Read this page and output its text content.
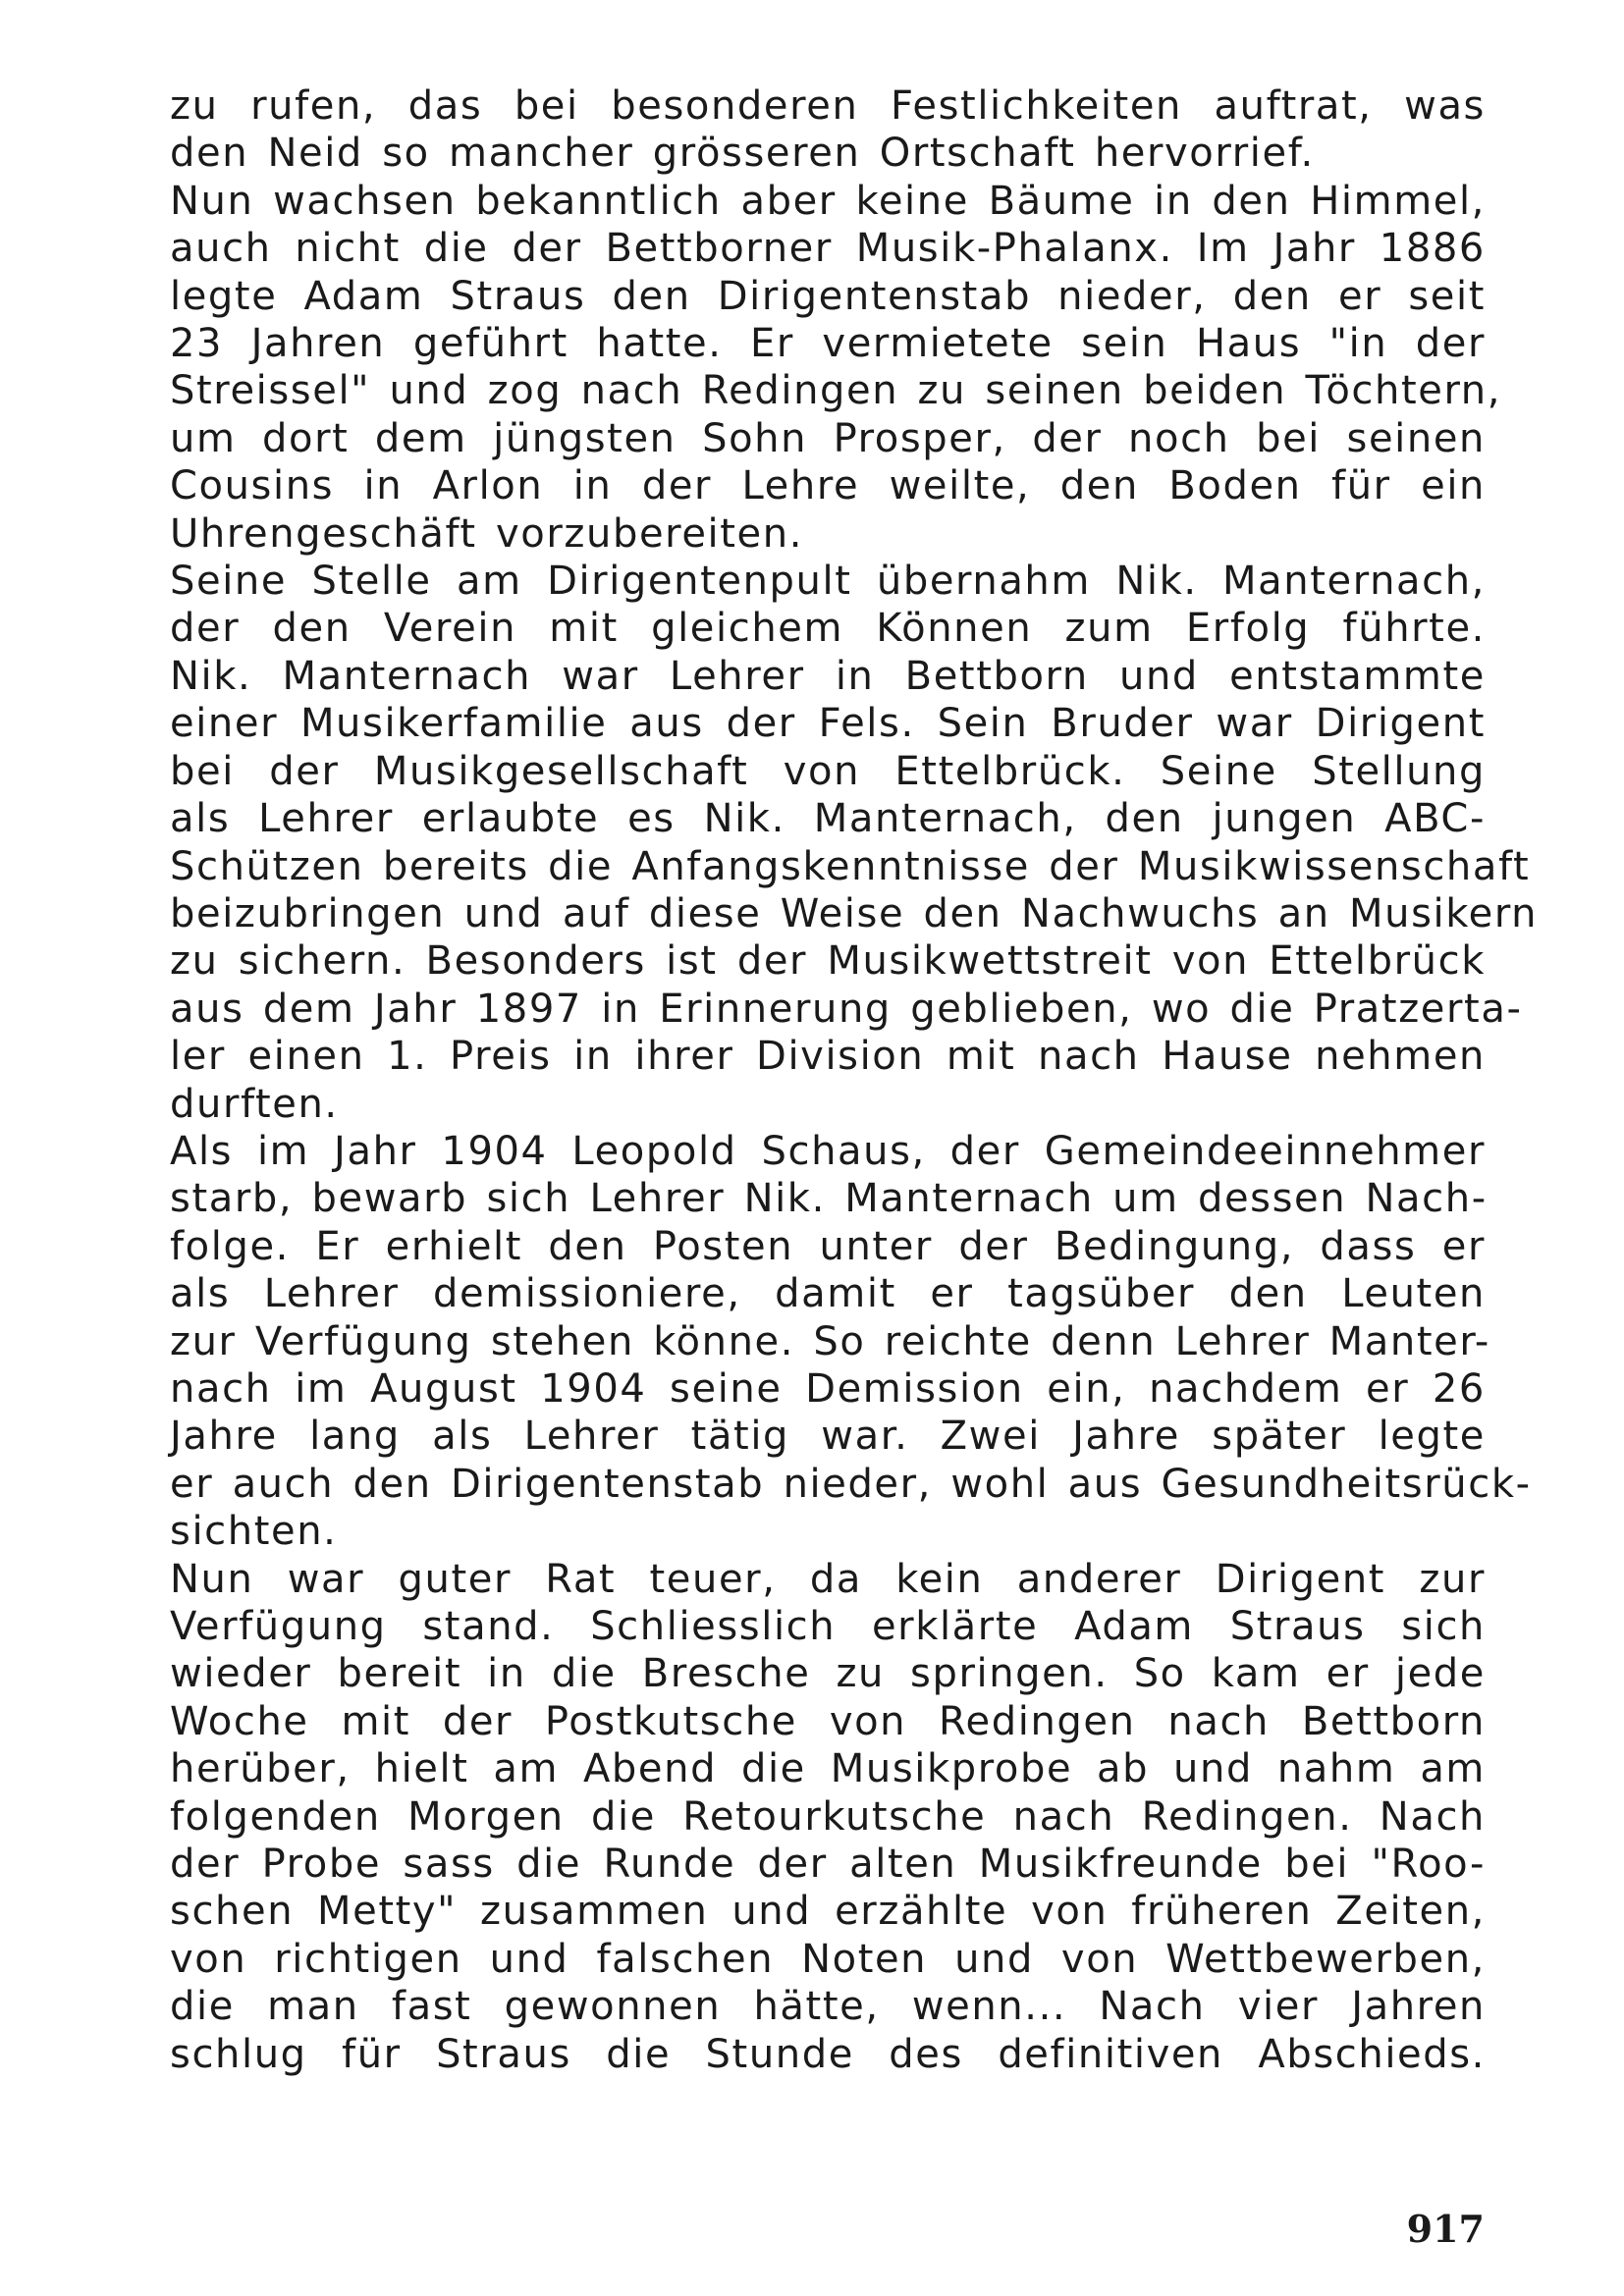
zu rufen, das bei besonderen Festlichkeiten auftrat, was
den Neid so mancher grösseren Ortschaft hervorrief.
Nun wachsen bekanntlich aber keine Bäume in den Himmel,
auch nicht die der Bettborner Musik-Phalanx. Im Jahr 1886
legte Adam Straus den Dirigentenstab nieder, den er seit
23 Jahren geführt hatte. Er vermietete sein Haus "in der
Streissel" und zog nach Redingen zu seinen beiden Töchtern,
um dort dem jüngsten Sohn Prosper, der noch bei seinen
Cousins in Arlon in der Lehre weilte, den Boden für ein
Uhrengeschäft vorzubereiten.
Seine Stelle am Dirigentenpult übernahm Nik. Manternach,
der den Verein mit gleichem Können zum Erfolg führte.
Nik. Manternach war Lehrer in Bettborn und entstammte
einer Musikerfamilie aus der Fels. Sein Bruder war Dirigent
bei der Musikgesellschaft von Ettelbrück. Seine Stellung
als Lehrer erlaubte es Nik. Manternach, den jungen ABC-
Schützen bereits die Anfangskenntnisse der Musikwissenschaft
beizubringen und auf diese Weise den Nachwuchs an Musikern
zu sichern. Besonders ist der Musikwettstreit von Ettelbrück
aus dem Jahr 1897 in Erinnerung geblieben, wo die Pratzerta-
ler einen 1. Preis in ihrer Division mit nach Hause nehmen
durften.
Als im Jahr 1904 Leopold Schaus, der Gemeindeeinnehmer
starb, bewarb sich Lehrer Nik. Manternach um dessen Nach-
folge. Er erhielt den Posten unter der Bedingung, dass er
als Lehrer demissioniere, damit er tagsüber den Leuten
zur Verfügung stehen könne. So reichte denn Lehrer Manter-
nach im August 1904 seine Demission ein, nachdem er 26
Jahre lang als Lehrer tätig war. Zwei Jahre später legte
er auch den Dirigentenstab nieder, wohl aus Gesundheitsrück-
sichten.
Nun war guter Rat teuer, da kein anderer Dirigent zur
Verfügung stand. Schliesslich erklärte Adam Straus sich
wieder bereit in die Bresche zu springen. So kam er jede
Woche mit der Postkutsche von Redingen nach Bettborn
herüber, hielt am Abend die Musikprobe ab und nahm am
folgenden Morgen die Retourkutsche nach Redingen. Nach
der Probe sass die Runde der alten Musikfreunde bei "Roo-
schen Metty" zusammen und erzählte von früheren Zeiten,
von richtigen und falschen Noten und von Wettbewerben,
die man fast gewonnen hätte, wenn... Nach vier Jahren
schlug für Straus die Stunde des definitiven Abschieds.
917
